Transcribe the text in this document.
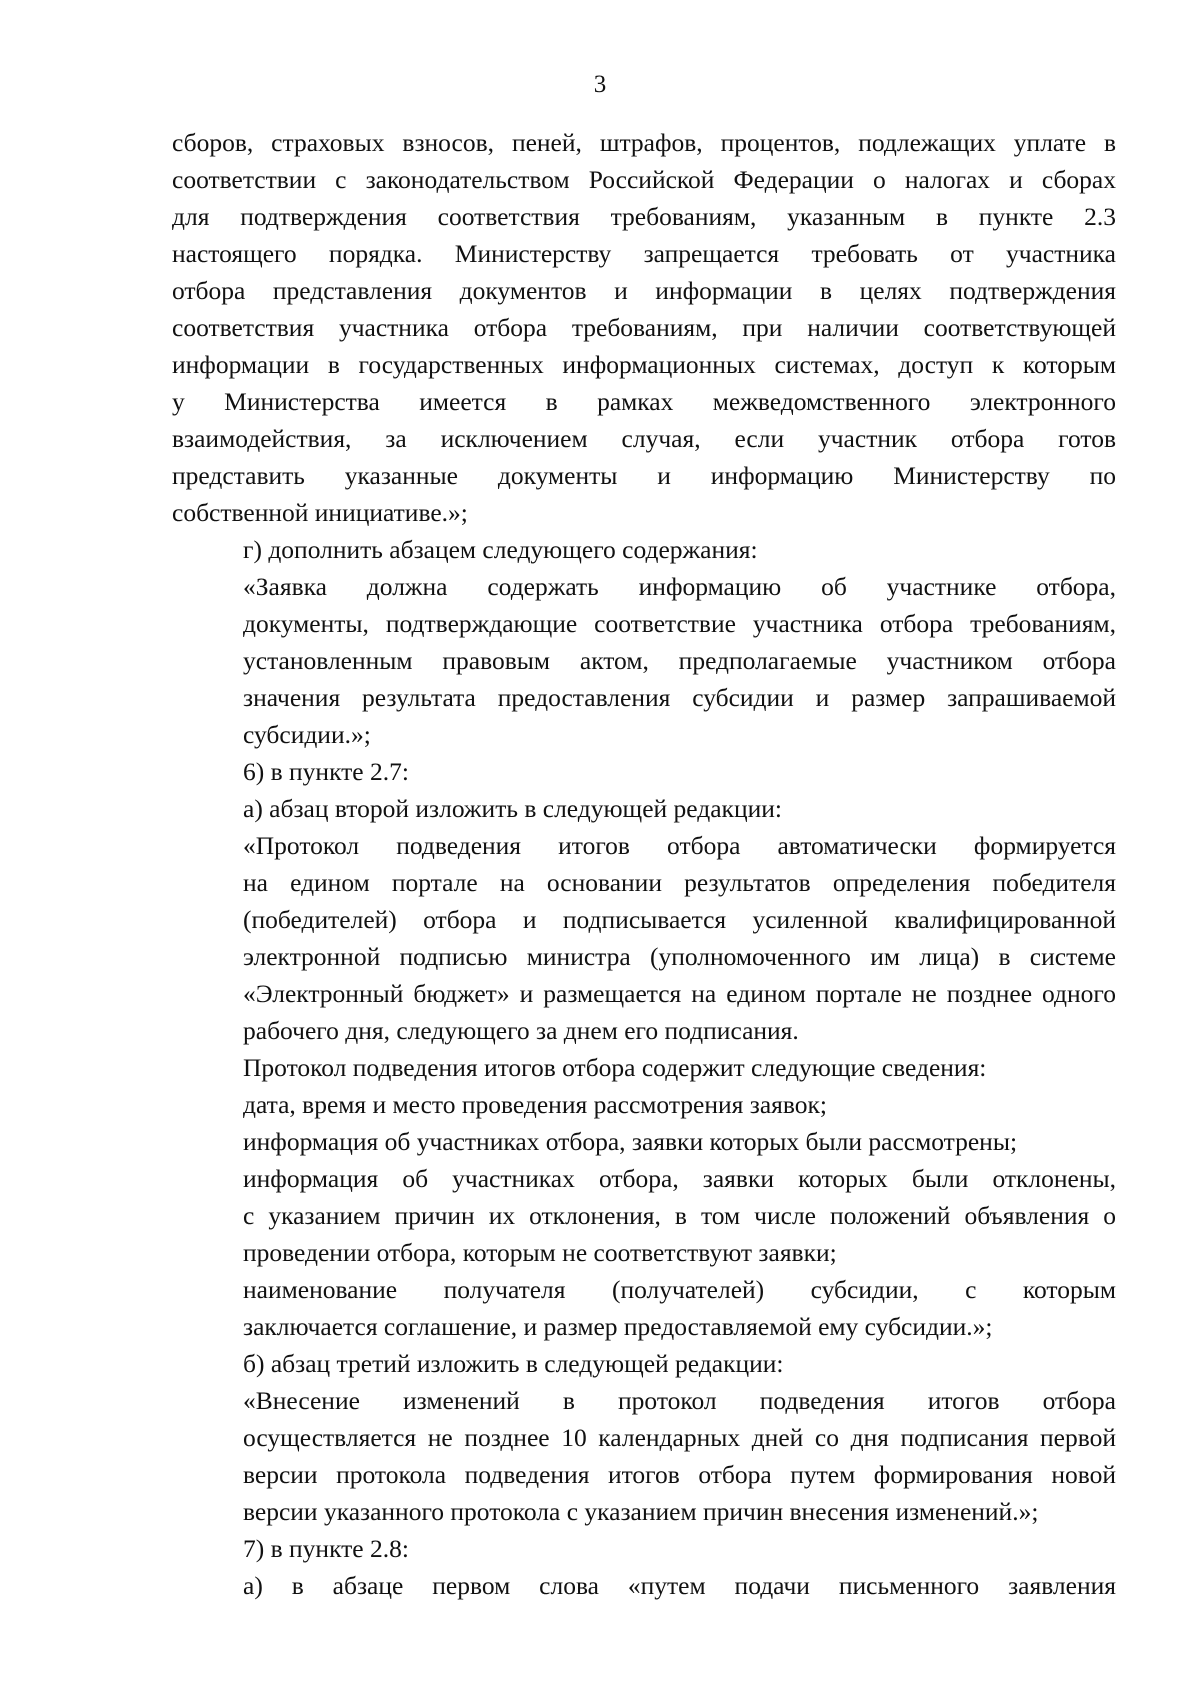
3

сборов, страховых взносов, пеней, штрафов, процентов, подлежащих уплате в
соответствии с законодательством Российской Федерации о налогах и сборах
для подтверждения соответствия требованиям, указанным в пункте 2.3
настоящего порядка. Министерству запрещается требовать от участника
отбора представления документов и информации в целях подтверждения
соответствия участника отбора требованиям, при наличии соответствующей
информации в государственных информационных системах, доступ к которым
у Министерства имеется в рамках межведомственного электронного
взаимодействия, за исключением случая, если участник отбора готов
представить указанные документы и информацию Министерству по
собственной инициативе.»;

г) дополнить абзацем следующего содержания:

«Заявка должна содержать информацию об участнике отбора,
документы, подтверждающие соответствие участника отбора требованиям,
установленным правовым актом, предполагаемые участником отбора
значения результата предоставления субсидии и размер запрашиваемой
субсидии.»;

6) в пункте 2.7:

а) абзац второй изложить в следующей редакции:

«Протокол подведения итогов отбора автоматически формируется
на едином портале на основании результатов определения победителя
(победителей) отбора и подписывается усиленной квалифицированной
электронной подписью министра (уполномоченного им лица) в системе
«Электронный бюджет» и размещается на едином портале не позднее одного
рабочего дня, следующего за днем его подписания.

Протокол подведения итогов отбора содержит следующие сведения:

дата, время и место проведения рассмотрения заявок;

информация об участниках отбора, заявки которых были рассмотрены;

информация об участниках отбора, заявки которых были отклонены,
с указанием причин их отклонения, в том числе положений объявления о
проведении отбора, которым не соответствуют заявки;

наименование получателя (получателей) субсидии, с которым
заключается соглашение, и размер предоставляемой ему субсидии.»;

б) абзац третий изложить в следующей редакции:

«Внесение изменений в протокол подведения итогов отбора
осуществляется не позднее 10 календарных дней со дня подписания первой
версии протокола подведения итогов отбора путем формирования новой
версии указанного протокола с указанием причин внесения изменений.»;

7) в пункте 2.8:

а) в абзаце первом слова «путем подачи письменного заявления
